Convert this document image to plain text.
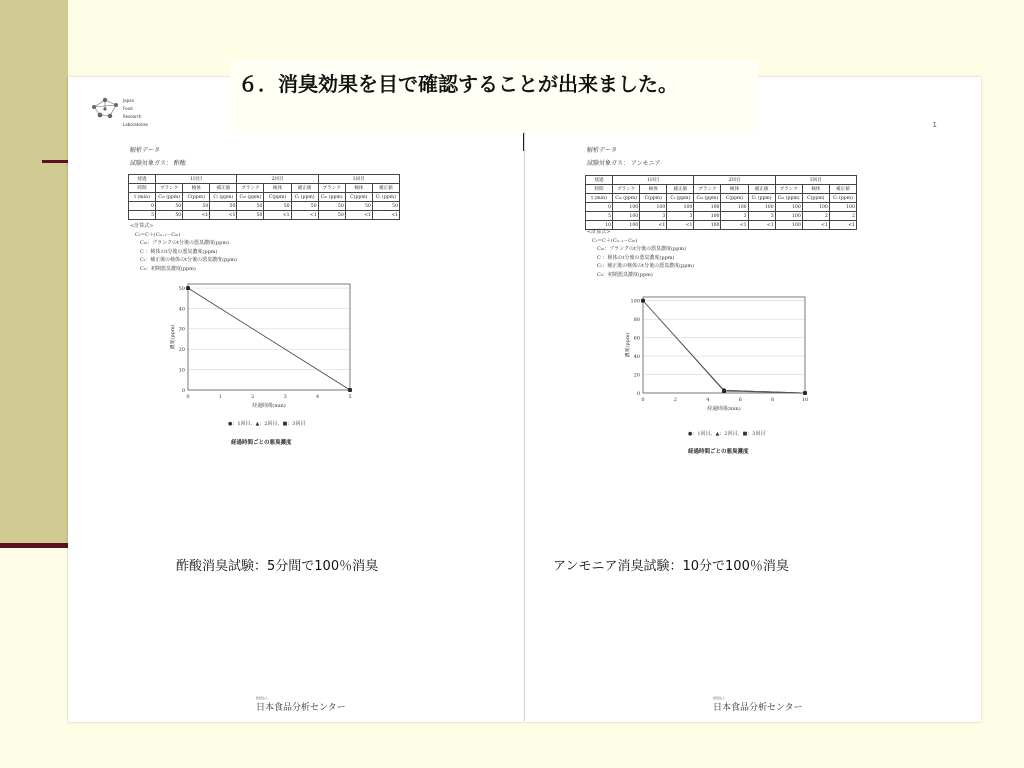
Japan
Food
Research
Laboratories
解析データ
試験対象ガス： 酢酸
経過	1回目			2回目			3回目		
時間	ブランク	検体	補正値	ブランク	検体	補正値	ブランク	検体	補正値
t (min)	C₀ₜ (ppm)	C(ppm)	Cₜ (ppm)	C₀ₜ (ppm)	C(ppm)	Cₜ (ppm)	C₀ₜ (ppm)	C(ppm)	Cₜ (ppm)
0	50	50	50	50	50	50	50	50	50
5	50	<1	<1	50	<1	<1	50	<1	<1
<計算式>
Cₜ＝C＋(C₀₋₁－C₀ₜ)
C₀ₜ：ブランクのt分後の悪臭濃度(ppm)
C ：検体のt分後の悪臭濃度(ppm)
Cₜ：補正後の検体のt分後の悪臭濃度(ppm)
C₀：初期悪臭濃度(ppm)
0
10
20
30
40
50
0	1	2	3	4	5
経過時間(min)
濃度(ppm)
●：1回目、▲：2回目、■：3回目
経過時間ごとの悪臭濃度
財団法人
日本食品分析センター
1
解析データ
試験対象ガス： アンモニア
経過	1回目			2回目			3回目		
時間	ブランク	検体	補正値	ブランク	検体	補正値	ブランク	検体	補正値
t (min)	C₀ₜ (ppm)	C(ppm)	Cₜ (ppm)	C₀ₜ (ppm)	C(ppm)	Cₜ (ppm)	C₀ₜ (ppm)	C(ppm)	Cₜ (ppm)
0	100	100	100	100	100	100	100	100	100
5	100	3	3	100	3	3	100	2	2
10	100	<1	<1	100	<1	<1	100	<1	<1
<計算式>
Cₜ＝C＋(C₀₋₁－C₀ₜ)
C₀ₜ：ブランクのt分後の悪臭濃度(ppm)
C ：検体のt分後の悪臭濃度(ppm)
Cₜ：補正後の検体のt分後の悪臭濃度(ppm)
C₀：初期悪臭濃度(ppm)
0
20
40
60
80
100
0	2	4	6	8	10
経過時間(min)
濃度(ppm)
●：1回目、▲：2回目、■：3回目
経過時間ごとの悪臭濃度
財団法人
日本食品分析センター
６．消臭効果を目で確認することが出来ました。
酢酸消臭試験：5分間で100％消臭	アンモニア消臭試験：10分で100％消臭
